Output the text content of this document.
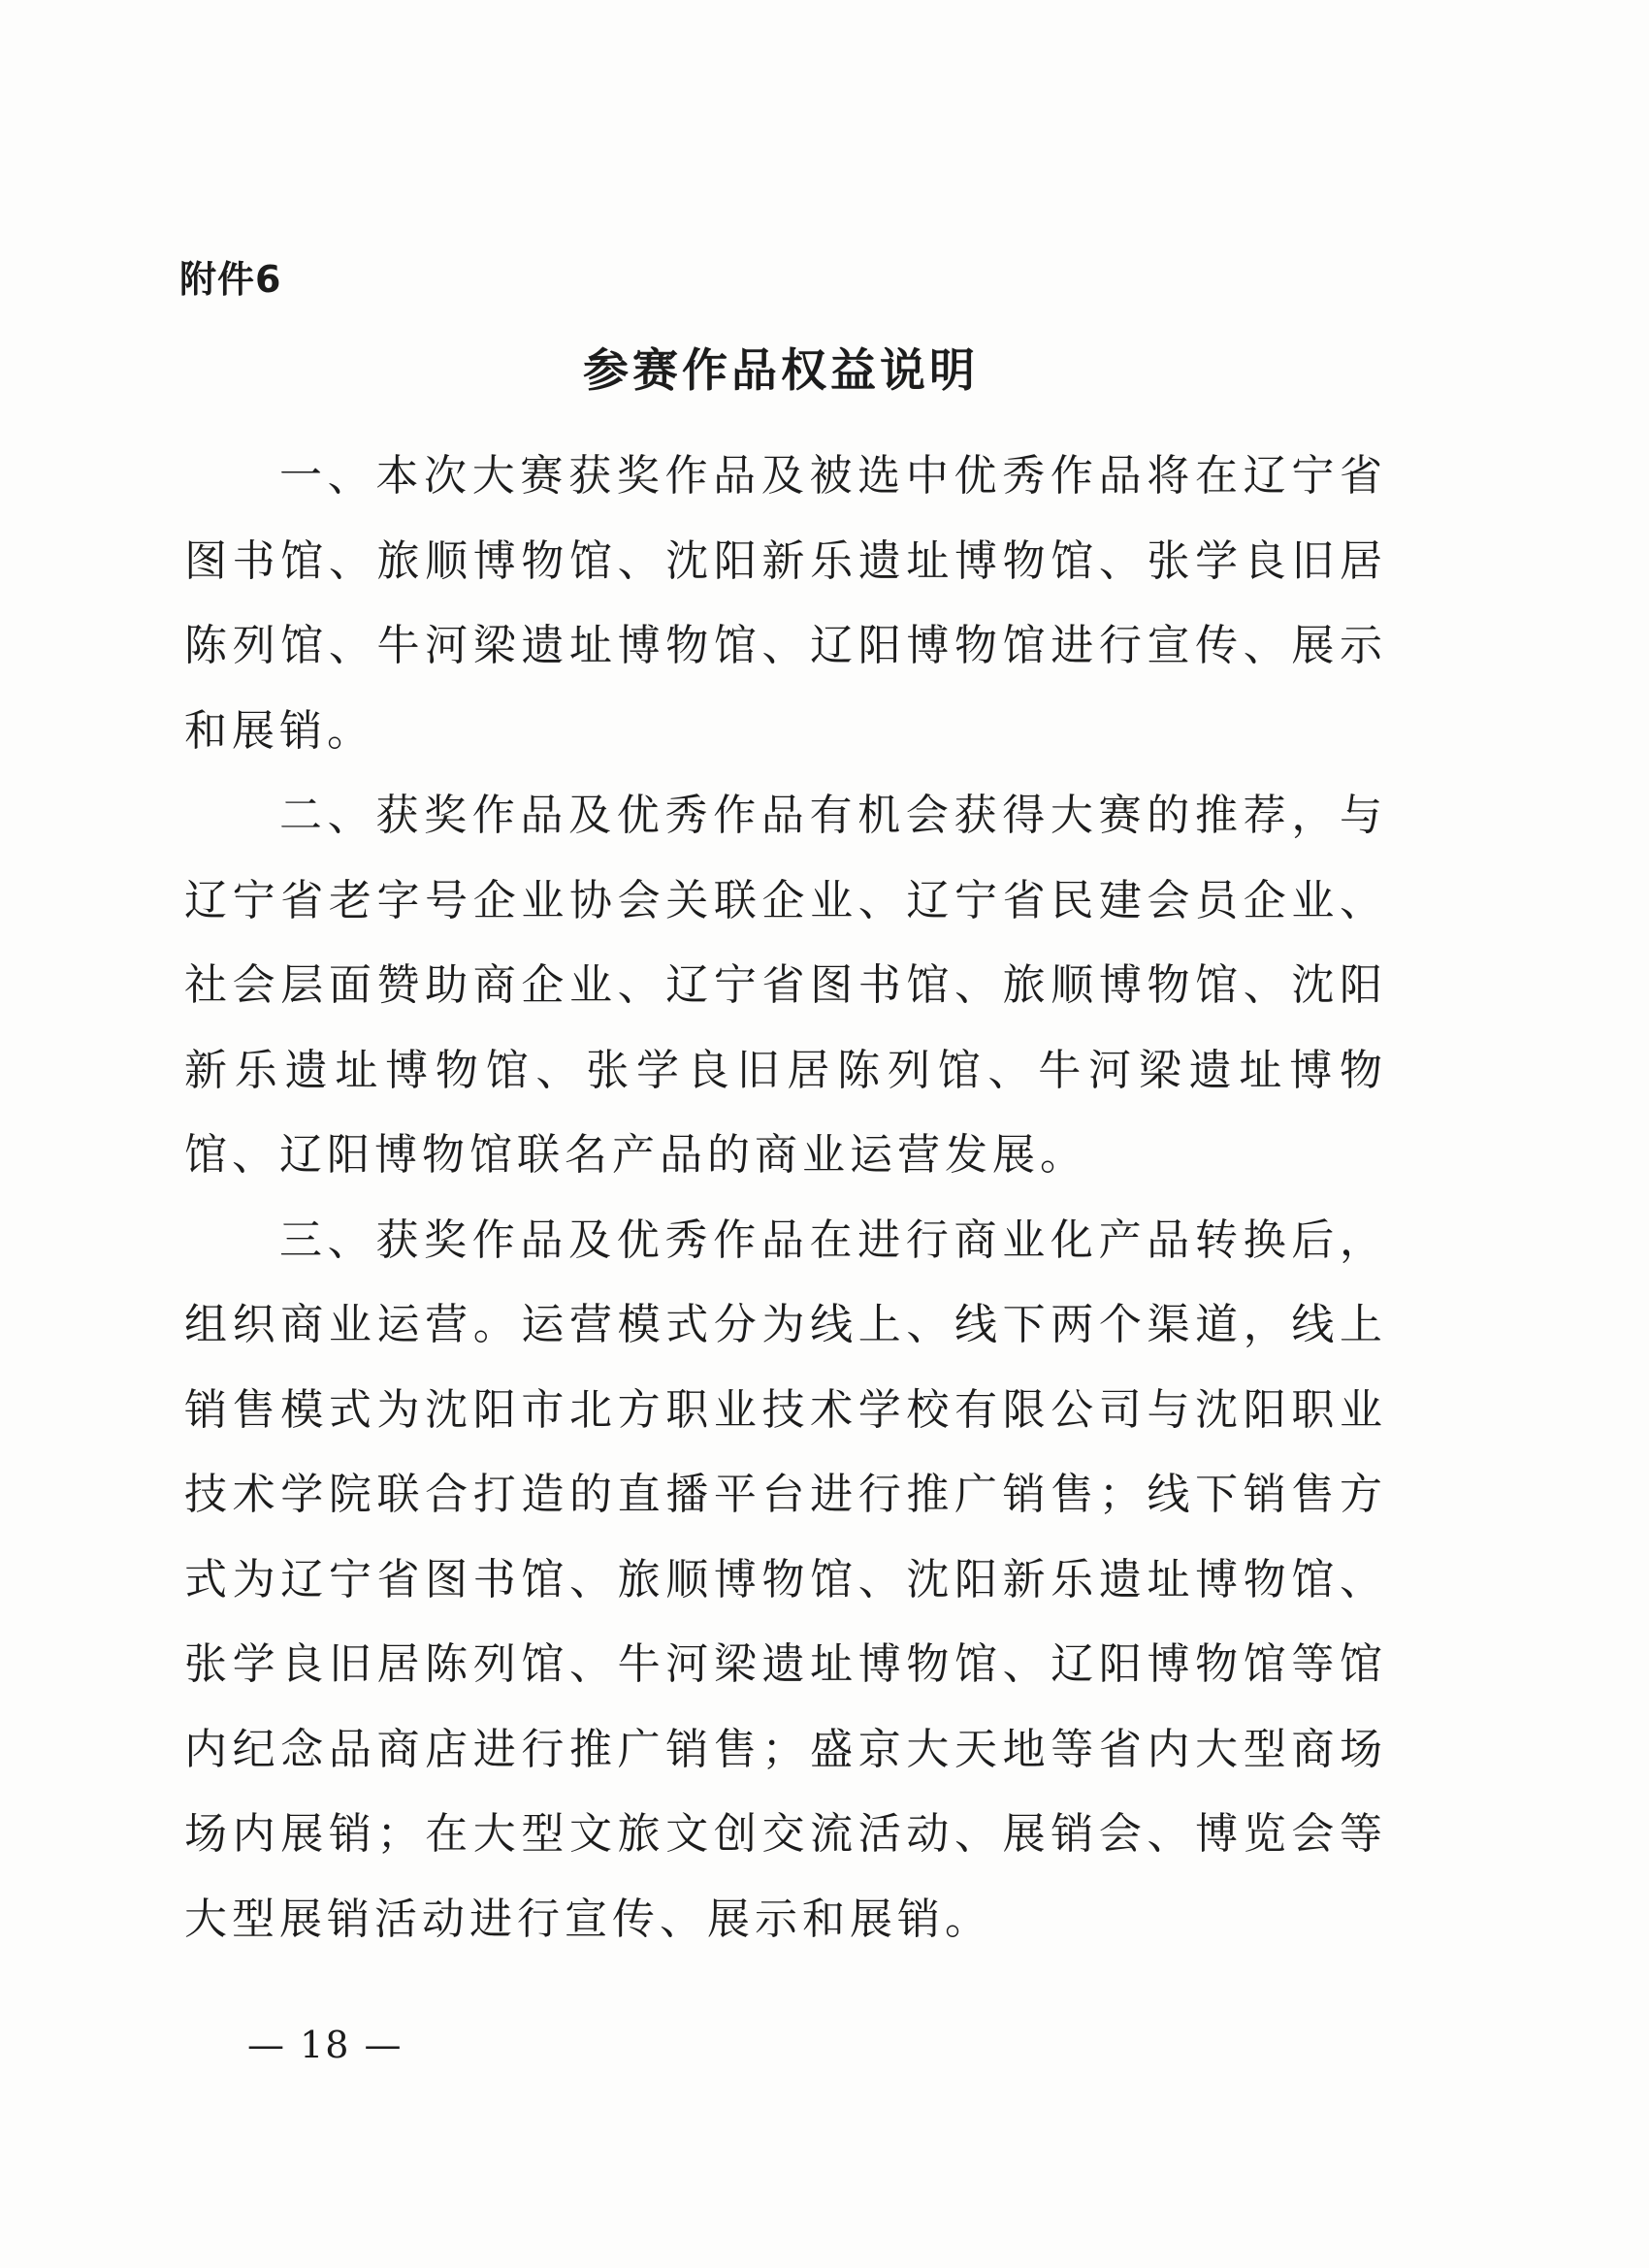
附件6
参赛作品权益说明

一、本次大赛获奖作品及被选中优秀作品将在辽宁省图书馆、旅顺博物馆、沈阳新乐遗址博物馆、张学良旧居陈列馆、牛河梁遗址博物馆、辽阳博物馆进行宣传、展示和展销。

二、获奖作品及优秀作品有机会获得大赛的推荐，与辽宁省老字号企业协会关联企业、辽宁省民建会员企业、社会层面赞助商企业、辽宁省图书馆、旅顺博物馆、沈阳新乐遗址博物馆、张学良旧居陈列馆、牛河梁遗址博物馆、辽阳博物馆联名产品的商业运营发展。

三、获奖作品及优秀作品在进行商业化产品转换后，组织商业运营。运营模式分为线上、线下两个渠道，线上销售模式为沈阳市北方职业技术学校有限公司与沈阳职业技术学院联合打造的直播平台进行推广销售；线下销售方式为辽宁省图书馆、旅顺博物馆、沈阳新乐遗址博物馆、张学良旧居陈列馆、牛河梁遗址博物馆、辽阳博物馆等馆内纪念品商店进行推广销售；盛京大天地等省内大型商场场内展销；在大型文旅文创交流活动、展销会、博览会等大型展销活动进行宣传、展示和展销。

— 18 —
